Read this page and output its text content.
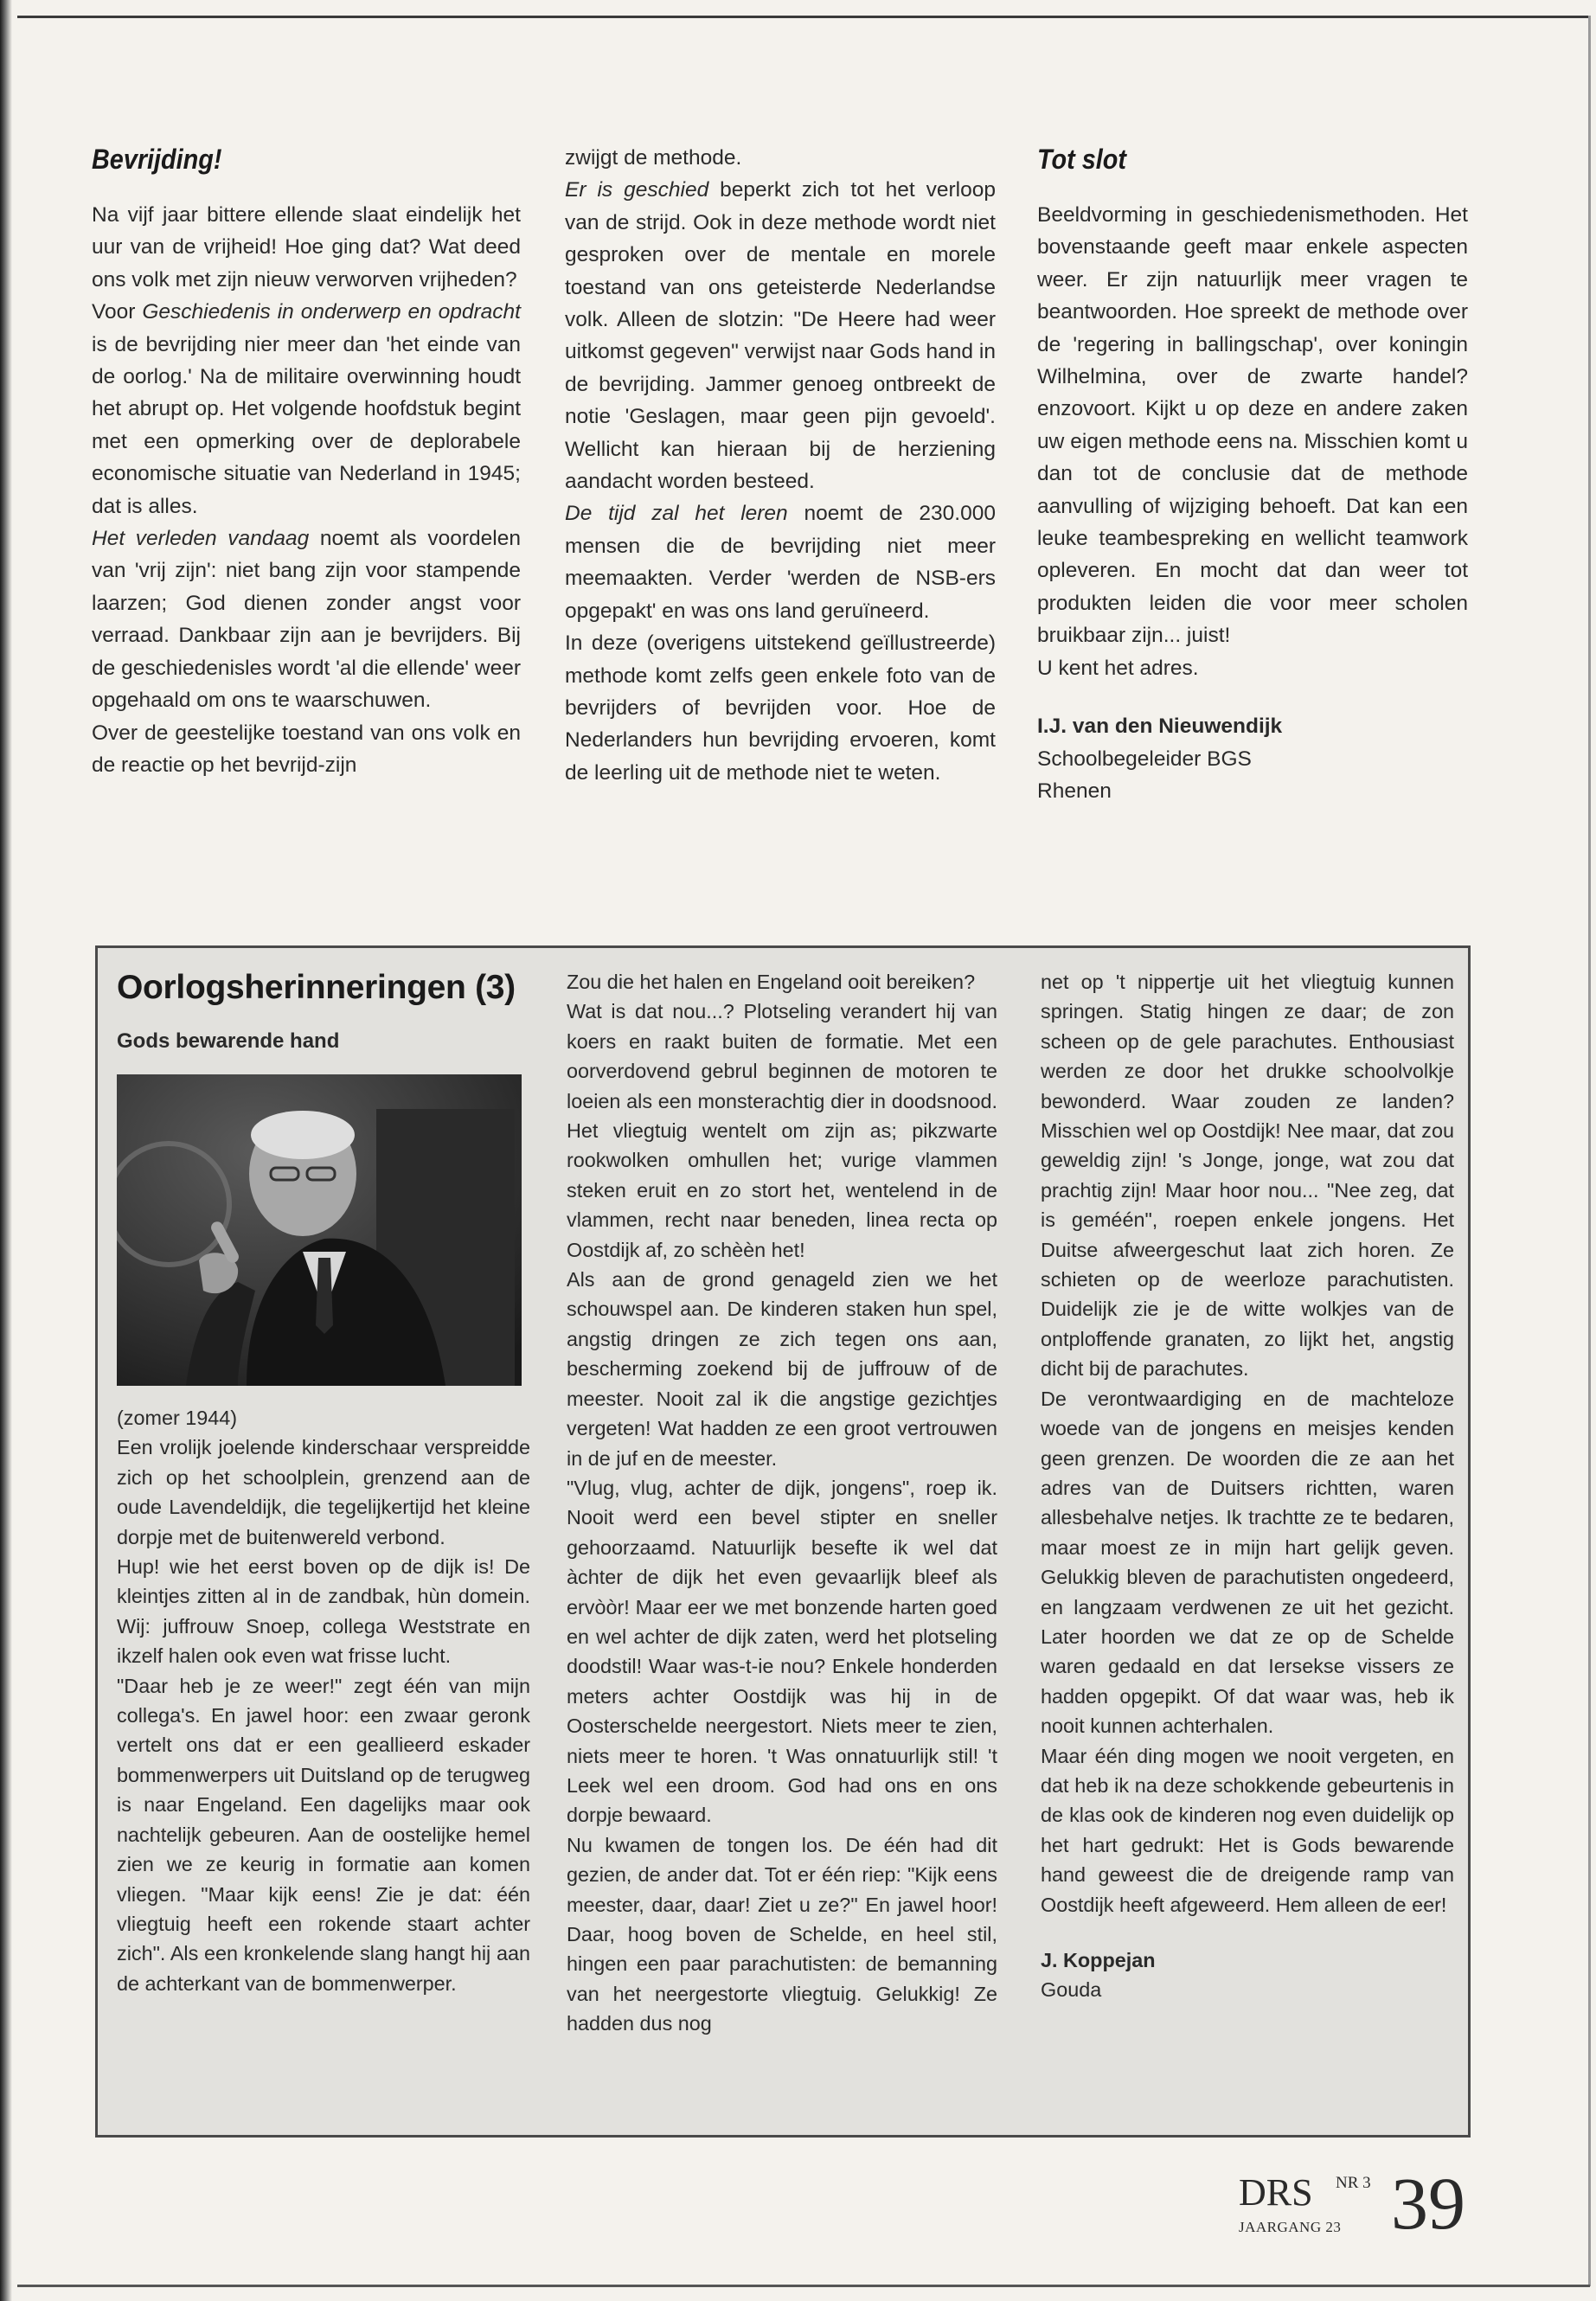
Bevrijding!

Na vijf jaar bittere ellende slaat eindelijk het uur van de vrijheid! Hoe ging dat? Wat deed ons volk met zijn nieuw verworven vrijheden?

Voor Geschiedenis in onderwerp en opdracht is de bevrijding nier meer dan 'het einde van de oorlog.' Na de militaire overwinning houdt het abrupt op. Het volgende hoofdstuk begint met een opmerking over de deplorabele economische situatie van Nederland in 1945; dat is alles.

Het verleden vandaag noemt als voordelen van 'vrij zijn': niet bang zijn voor stampende laarzen; God dienen zonder angst voor verraad. Dankbaar zijn aan je bevrijders. Bij de geschiedenisles wordt 'al die ellende' weer opgehaald om ons te waarschuwen.

Over de geestelijke toestand van ons volk en de reactie op het bevrijd-zijn

zwijgt de methode.

Er is geschied beperkt zich tot het verloop van de strijd. Ook in deze methode wordt niet gesproken over de mentale en morele toestand van ons geteisterde Nederlandse volk. Alleen de slotzin: "De Heere had weer uitkomst gegeven" verwijst naar Gods hand in de bevrijding. Jammer genoeg ontbreekt de notie 'Geslagen, maar geen pijn gevoeld'. Wellicht kan hieraan bij de herziening aandacht worden besteed.

De tijd zal het leren noemt de 230.000 mensen die de bevrijding niet meer meemaakten. Verder 'werden de NSB-ers opgepakt' en was ons land geruïneerd.

In deze (overigens uitstekend geïllustreerde) methode komt zelfs geen enkele foto van de bevrijders of bevrijden voor. Hoe de Nederlanders hun bevrijding ervoeren, komt de leerling uit de methode niet te weten.

Tot slot

Beeldvorming in geschiedenismethoden. Het bovenstaande geeft maar enkele aspecten weer. Er zijn natuurlijk meer vragen te beantwoorden. Hoe spreekt de methode over de 'regering in ballingschap', over koningin Wilhelmina, over de zwarte handel? enzovoort. Kijkt u op deze en andere zaken uw eigen methode eens na. Misschien komt u dan tot de conclusie dat de methode aanvulling of wijziging behoeft. Dat kan een leuke teambespreking en wellicht teamwork opleveren. En mocht dat dan weer tot produkten leiden die voor meer scholen bruikbaar zijn... juist!

U kent het adres.

I.J. van den Nieuwendijk
Schoolbegeleider BGS
Rhenen
Oorlogsherinneringen (3)
Gods bewarende hand

(zomer 1944)

Een vrolijk joelende kinderschaar verspreidde zich op het schoolplein, grenzend aan de oude Lavendeldijk, die tegelijkertijd het kleine dorpje met de buitenwereld verbond.

Hup! wie het eerst boven op de dijk is! De kleintjes zitten al in de zandbak, hùn domein. Wij: juffrouw Snoep, collega Weststrate en ikzelf halen ook even wat frisse lucht.

"Daar heb je ze weer!" zegt één van mijn collega's. En jawel hoor: een zwaar geronk vertelt ons dat er een geallieerd eskader bommenwerpers uit Duitsland op de terugweg is naar Engeland. Een dagelijks maar ook nachtelijk gebeuren. Aan de oostelijke hemel zien we ze keurig in formatie aan komen vliegen. "Maar kijk eens! Zie je dat: één vliegtuig heeft een rokende staart achter zich". Als een kronkelende slang hangt hij aan de achterkant van de bommenwerper.

Zou die het halen en Engeland ooit bereiken?

Wat is dat nou...? Plotseling verandert hij van koers en raakt buiten de formatie. Met een oorverdovend gebrul beginnen de motoren te loeien als een monsterachtig dier in doodsnood. Het vliegtuig wentelt om zijn as; pikzwarte rookwolken omhullen het; vurige vlammen steken eruit en zo stort het, wentelend in de vlammen, recht naar beneden, linea recta op Oostdijk af, zo schèèn het!

Als aan de grond genageld zien we het schouwspel aan. De kinderen staken hun spel, angstig dringen ze zich tegen ons aan, bescherming zoekend bij de juffrouw of de meester. Nooit zal ik die angstige gezichtjes vergeten! Wat hadden ze een groot vertrouwen in de juf en de meester.

"Vlug, vlug, achter de dijk, jongens", roep ik. Nooit werd een bevel stipter en sneller gehoorzaamd. Natuurlijk besefte ik wel dat àchter de dijk het even gevaarlijk bleef als ervòòr! Maar eer we met bonzende harten goed en wel achter de dijk zaten, werd het plotseling doodstil! Waar was-t-ie nou? Enkele honderden meters achter Oostdijk was hij in de Oosterschelde neergestort. Niets meer te zien, niets meer te horen. 't Was onnatuurlijk stil! 't Leek wel een droom. God had ons en ons dorpje bewaard.

Nu kwamen de tongen los. De één had dit gezien, de ander dat. Tot er één riep: "Kijk eens meester, daar, daar! Ziet u ze?" En jawel hoor! Daar, hoog boven de Schelde, en heel stil, hingen een paar parachutisten: de bemanning van het neergestorte vliegtuig. Gelukkig! Ze hadden dus nog

net op 't nippertje uit het vliegtuig kunnen springen. Statig hingen ze daar; de zon scheen op de gele parachutes. Enthousiast werden ze door het drukke schoolvolkje bewonderd. Waar zouden ze landen? Misschien wel op Oostdijk! Nee maar, dat zou geweldig zijn! 's Jonge, jonge, wat zou dat prachtig zijn! Maar hoor nou... "Nee zeg, dat is geméén", roepen enkele jongens. Het Duitse afweergeschut laat zich horen. Ze schieten op de weerloze parachutisten. Duidelijk zie je de witte wolkjes van de ontploffende granaten, zo lijkt het, angstig dicht bij de parachutes.

De verontwaardiging en de machteloze woede van de jongens en meisjes kenden geen grenzen. De woorden die ze aan het adres van de Duitsers richtten, waren allesbehalve netjes. Ik trachtte ze te bedaren, maar moest ze in mijn hart gelijk geven. Gelukkig bleven de parachutisten ongedeerd, en langzaam verdwenen ze uit het gezicht. Later hoorden we dat ze op de Schelde waren gedaald en dat Iersekse vissers ze hadden opgepikt. Of dat waar was, heb ik nooit kunnen achterhalen.

Maar één ding mogen we nooit vergeten, en dat heb ik na deze schokkende gebeurtenis in de klas ook de kinderen nog even duidelijk op het hart gedrukt: Het is Gods bewarende hand geweest die de dreigende ramp van Oostdijk heeft afgeweerd. Hem alleen de eer!

J. Koppejan
Gouda
DRS NR 3
JAARGANG 23 39
